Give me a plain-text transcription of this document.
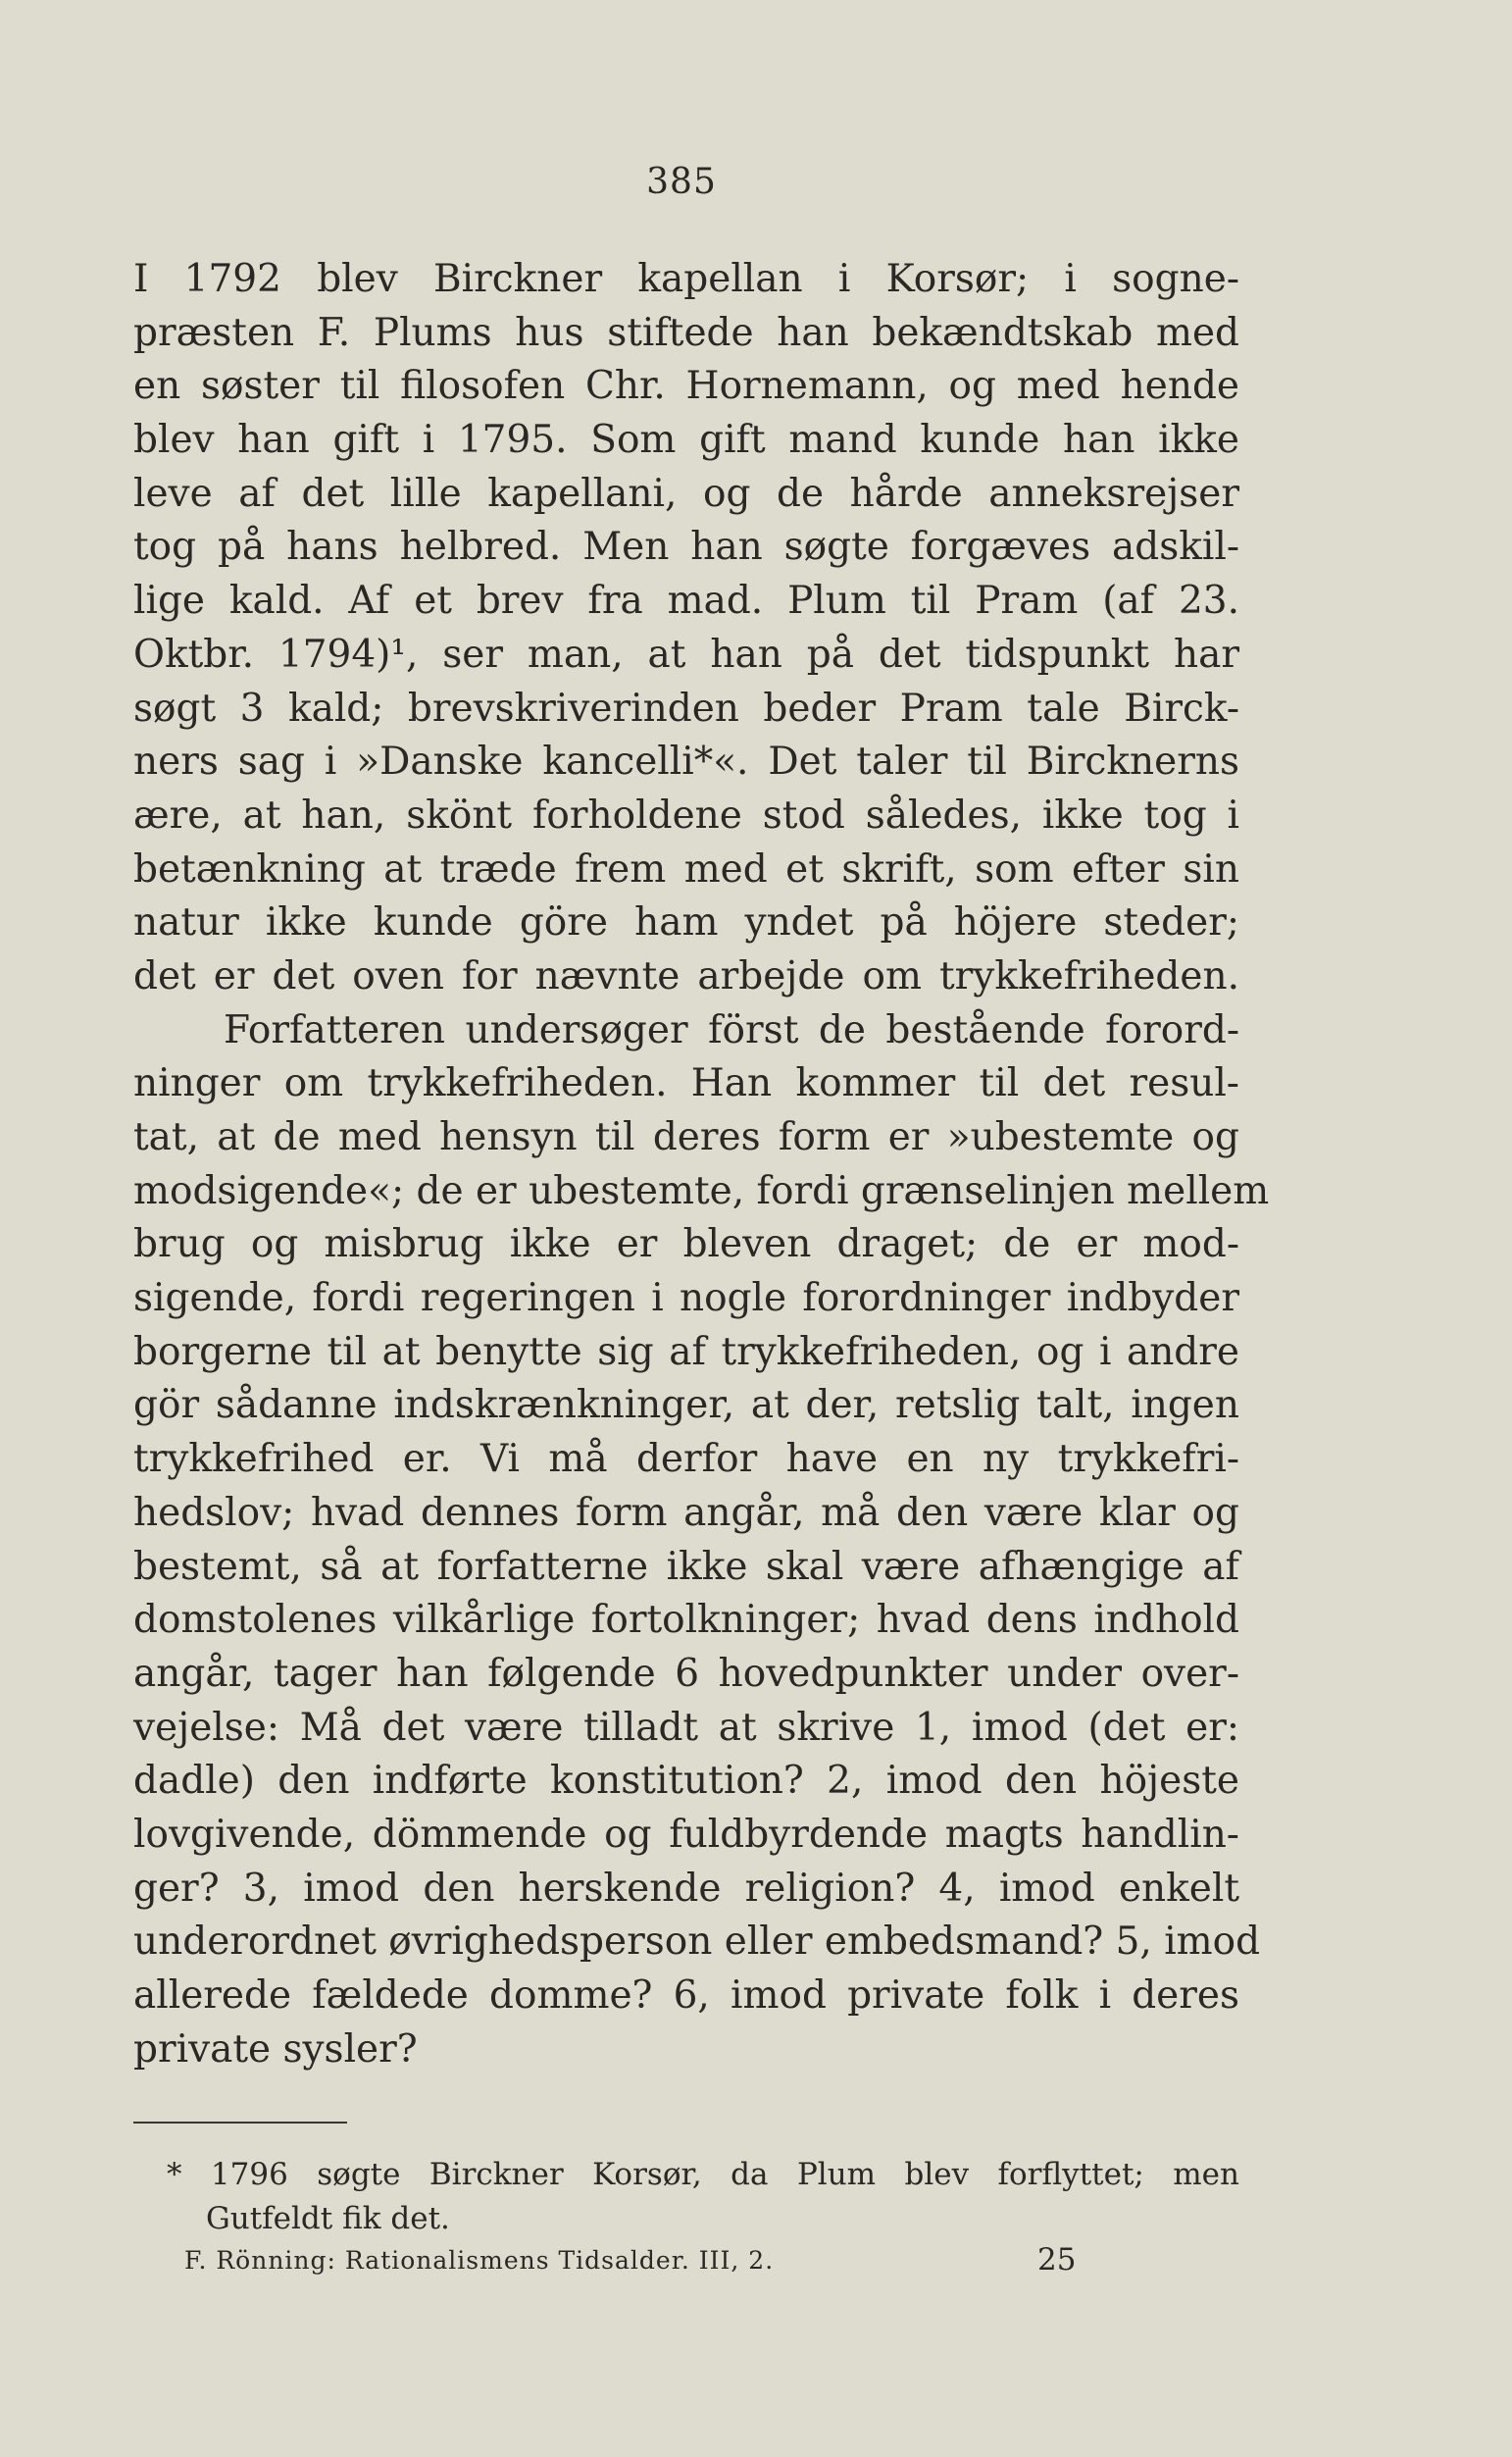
385
I 1792 blev Birckner kapellan i Korsør; i sogne-
præsten F. Plums hus stiftede han bekændtskab med
en søster til filosofen Chr. Hornemann, og med hende
blev han gift i 1795. Som gift mand kunde han ikke
leve af det lille kapellani, og de hårde anneksrejser
tog på hans helbred. Men han søgte forgæves adskil-
lige kald. Af et brev fra mad. Plum til Pram (af 23.
Oktbr. 1794)¹, ser man, at han på det tidspunkt har
søgt 3 kald; brevskriverinden beder Pram tale Birck-
ners sag i »Danske kancelli*«. Det taler til Bircknerns
ære, at han, skönt forholdene stod således, ikke tog i
betænkning at træde frem med et skrift, som efter sin
natur ikke kunde göre ham yndet på höjere steder;
det er det oven for nævnte arbejde om trykkefriheden.
Forfatteren undersøger först de bestående forord-
ninger om trykkefriheden. Han kommer til det resul-
tat, at de med hensyn til deres form er »ubestemte og
modsigende«; de er ubestemte, fordi grænselinjen mellem
brug og misbrug ikke er bleven draget; de er mod-
sigende, fordi regeringen i nogle forordninger indbyder
borgerne til at benytte sig af trykkefriheden, og i andre
gör sådanne indskrænkninger, at der, retslig talt, ingen
trykkefrihed er. Vi må derfor have en ny trykkefri-
hedslov; hvad dennes form angår, må den være klar og
bestemt, så at forfatterne ikke skal være afhængige af
domstolenes vilkårlige fortolkninger; hvad dens indhold
angår, tager han følgende 6 hovedpunkter under over-
vejelse: Må det være tilladt at skrive 1, imod (det er:
dadle) den indførte konstitution? 2, imod den höjeste
lovgivende, dömmende og fuldbyrdende magts handlin-
ger? 3, imod den herskende religion? 4, imod enkelt
underordnet øvrighedsperson eller embedsmand? 5, imod
allerede fældede domme? 6, imod private folk i deres
private sysler?
* 1796 søgte Birckner Korsør, da Plum blev forflyttet; men
Gutfeldt fik det.
F. Rönning: Rationalismens Tidsalder. III, 2.	25
